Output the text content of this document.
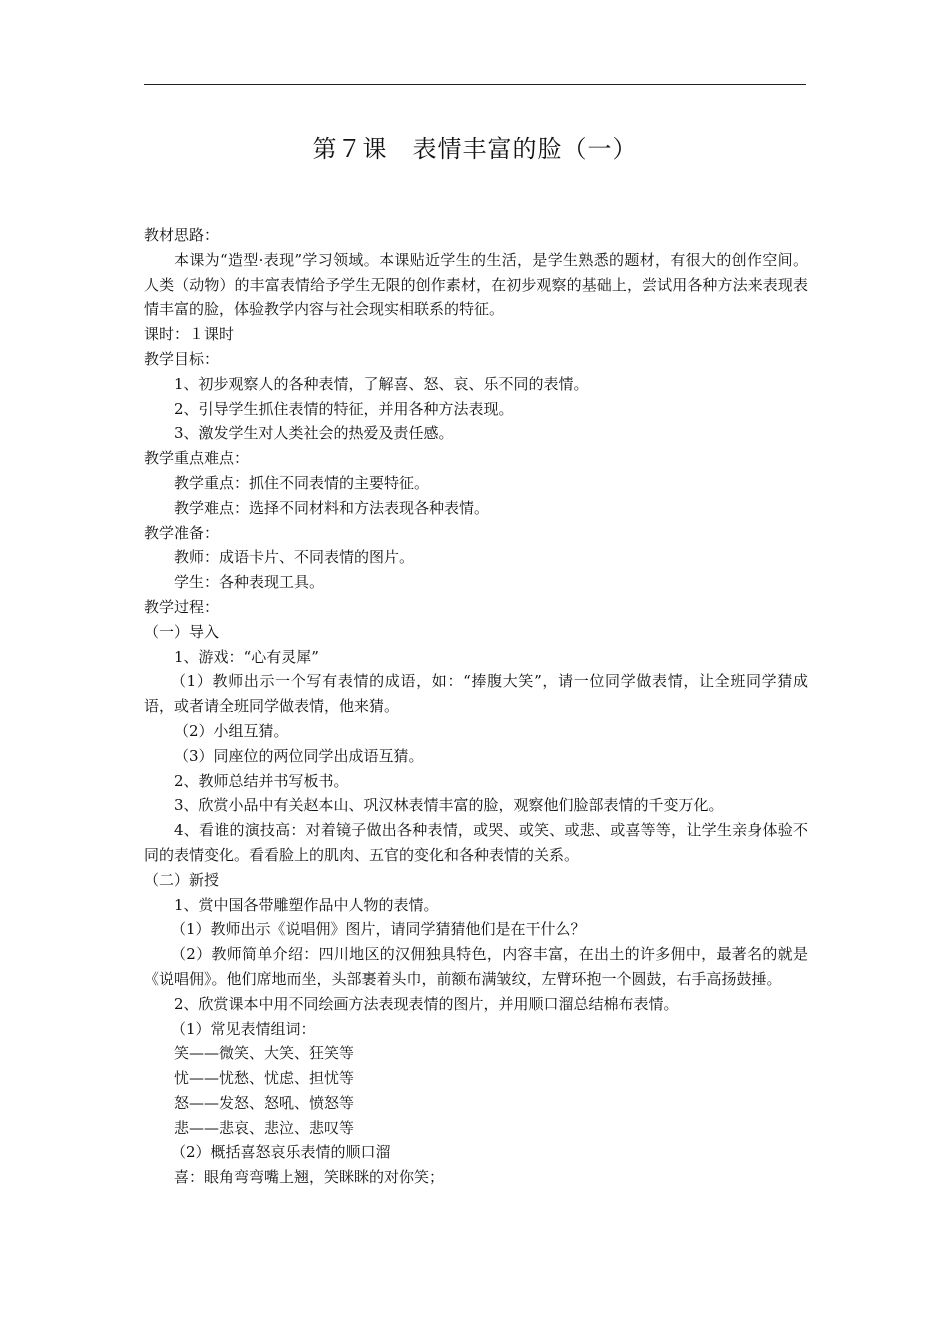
第７课　表情丰富的脸（一）
教材思路：
本课为“造型·表现”学习领域。本课贴近学生的生活，是学生熟悉的题材，有很大的创作空间。人类（动物）的丰富表情给予学生无限的创作素材，在初步观察的基础上，尝试用各种方法来表现表情丰富的脸，体验教学内容与社会现实相联系的特征。
课时：１课时
教学目标：
1、初步观察人的各种表情，了解喜、怒、哀、乐不同的表情。
2、引导学生抓住表情的特征，并用各种方法表现。
3、激发学生对人类社会的热爱及责任感。
教学重点难点：
教学重点：抓住不同表情的主要特征。
教学难点：选择不同材料和方法表现各种表情。
教学准备：
教师：成语卡片、不同表情的图片。
学生：各种表现工具。
教学过程：
（一）导入
1、游戏：“心有灵犀”
（1）教师出示一个写有表情的成语，如：“捧腹大笑”，请一位同学做表情，让全班同学猜成语，或者请全班同学做表情，他来猜。
（2）小组互猜。
（3）同座位的两位同学出成语互猜。
2、教师总结并书写板书。
3、欣赏小品中有关赵本山、巩汉林表情丰富的脸，观察他们脸部表情的千变万化。
4、看谁的演技高：对着镜子做出各种表情，或哭、或笑、或悲、或喜等等，让学生亲身体验不同的表情变化。看看脸上的肌肉、五官的变化和各种表情的关系。
（二）新授
1、赏中国各带雕塑作品中人物的表情。
（1）教师出示《说唱佣》图片，请同学猜猜他们是在干什么？
（2）教师简单介绍：四川地区的汉佣独具特色，内容丰富，在出土的许多佣中，最著名的就是《说唱佣》。他们席地而坐，头部裹着头巾，前额布满皱纹，左臂环抱一个圆鼓，右手高扬鼓捶。
2、欣赏课本中用不同绘画方法表现表情的图片，并用顺口溜总结棉布表情。
（1）常见表情组词：
笑——微笑、大笑、狂笑等
忧——忧愁、忧虑、担忧等
怒——发怒、怒吼、愤怒等
悲——悲哀、悲泣、悲叹等
（2）概括喜怒哀乐表情的顺口溜
喜：眼角弯弯嘴上翘，笑眯眯的对你笑；
